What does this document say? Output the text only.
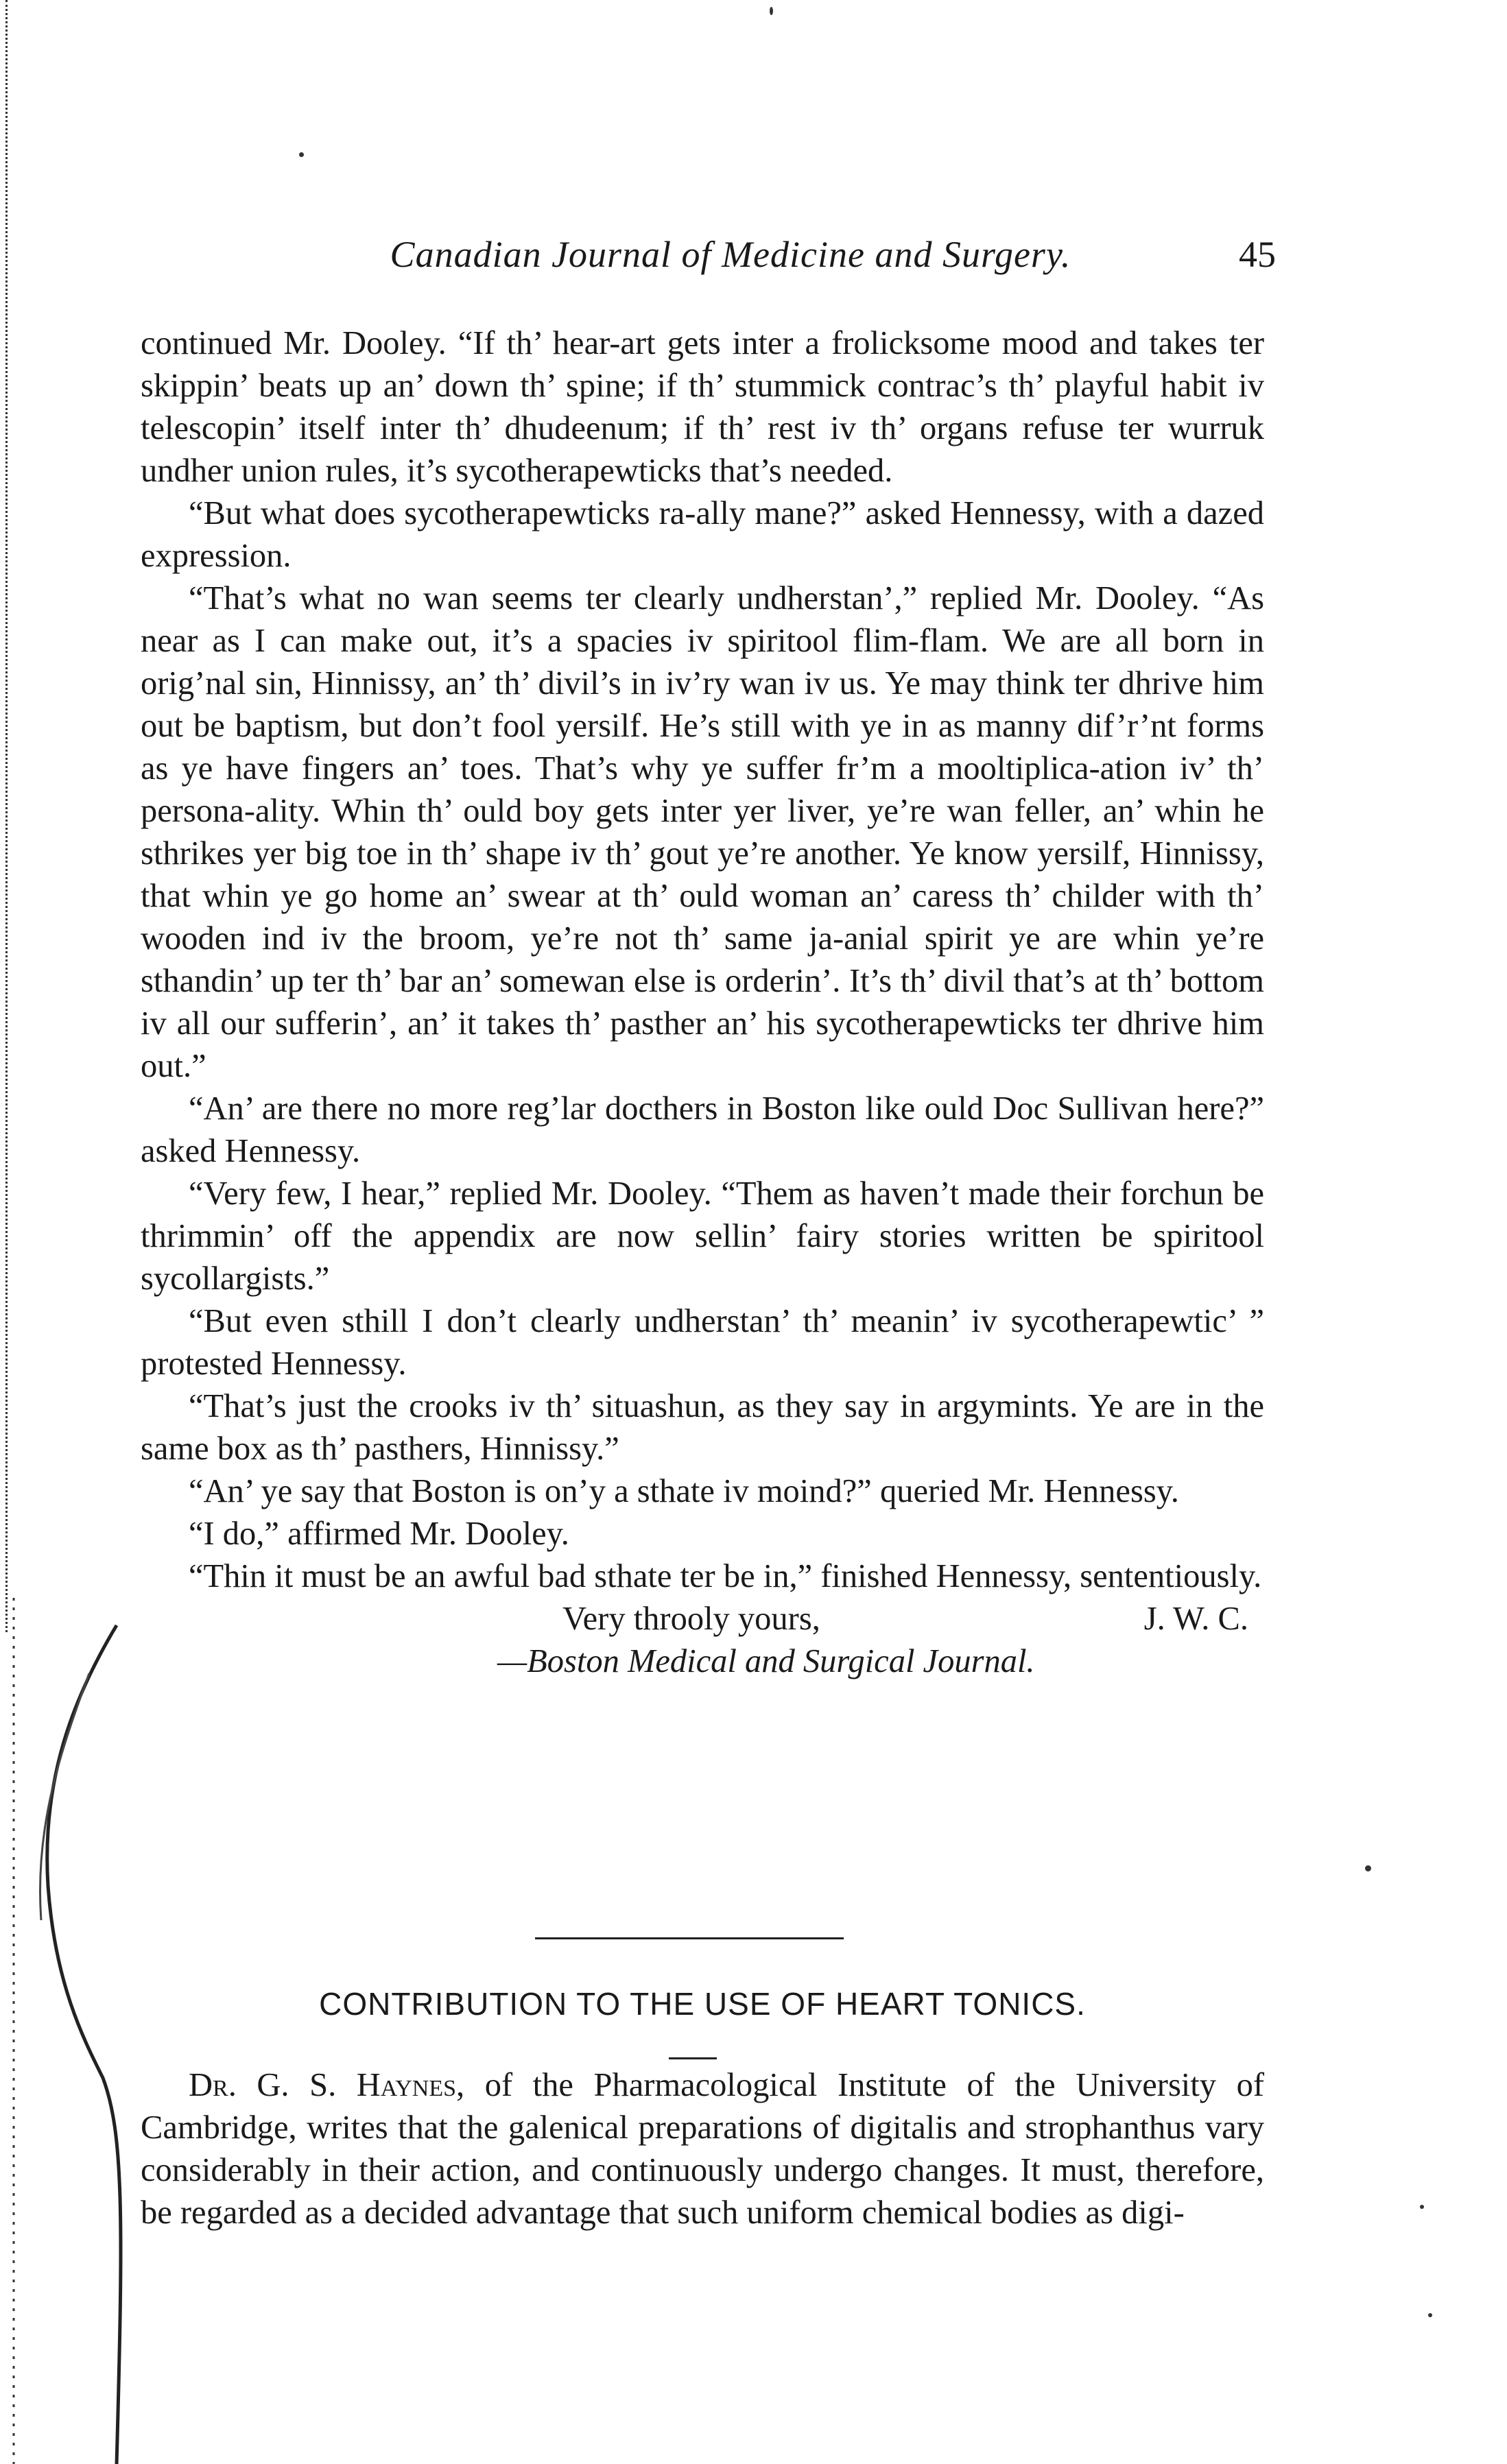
Canadian Journal of Medicine and Surgery.	45

continued Mr. Dooley. “If th’ hear-art gets inter a frolicksome mood and takes ter skippin’ beats up an’ down th’ spine; if th’ stummick contrac’s th’ playful habit iv telescopin’ itself inter th’ dhudeenum; if th’ rest iv th’ organs refuse ter wurruk undher union rules, it’s sycotherapewticks that’s needed.

“But what does sycotherapewticks ra-ally mane?” asked Hennessy, with a dazed expression.

“That’s what no wan seems ter clearly undherstan’,” replied Mr. Dooley. “As near as I can make out, it’s a spacies iv spiritool flim-flam. We are all born in orig’nal sin, Hinnissy, an’ th’ divil’s in iv’ry wan iv us. Ye may think ter dhrive him out be baptism, but don’t fool yersilf. He’s still with ye in as manny dif’r’nt forms as ye have fingers an’ toes. That’s why ye suffer fr’m a mooltiplica-ation iv’ th’ persona-ality. Whin th’ ould boy gets inter yer liver, ye’re wan feller, an’ whin he sthrikes yer big toe in th’ shape iv th’ gout ye’re another. Ye know yersilf, Hinnissy, that whin ye go home an’ swear at th’ ould woman an’ caress th’ childer with th’ wooden ind iv the broom, ye’re not th’ same ja-anial spirit ye are whin ye’re sthandin’ up ter th’ bar an’ somewan else is orderin’. It’s th’ divil that’s at th’ bottom iv all our sufferin’, an’ it takes th’ pasther an’ his sycotherapewticks ter dhrive him out.”

“An’ are there no more reg’lar docthers in Boston like ould Doc Sullivan here?” asked Hennessy.

“Very few, I hear,” replied Mr. Dooley. “Them as haven’t made their forchun be thrimmin’ off the appendix are now sellin’ fairy stories written be spiritool sycollargists.”

“But even sthill I don’t clearly undherstan’ th’ meanin’ iv sycotherapewtic’ ” protested Hennessy.

“That’s just the crooks iv th’ situashun, as they say in argymints. Ye are in the same box as th’ pasthers, Hinnissy.”

“An’ ye say that Boston is on’y a sthate iv moind?” queried Mr. Hennessy.

“I do,” affirmed Mr. Dooley.

“Thin it must be an awful bad sthate ter be in,” finished Hennessy, sententiously.

Very throoly yours,	J. W. C.

—Boston Medical and Surgical Journal.

CONTRIBUTION TO THE USE OF HEART TONICS.

Dr. G. S. Haynes, of the Pharmacological Institute of the University of Cambridge, writes that the galenical preparations of digitalis and strophanthus vary considerably in their action, and continuously undergo changes. It must, therefore, be regarded as a decided advantage that such uniform chemical bodies as digi-
